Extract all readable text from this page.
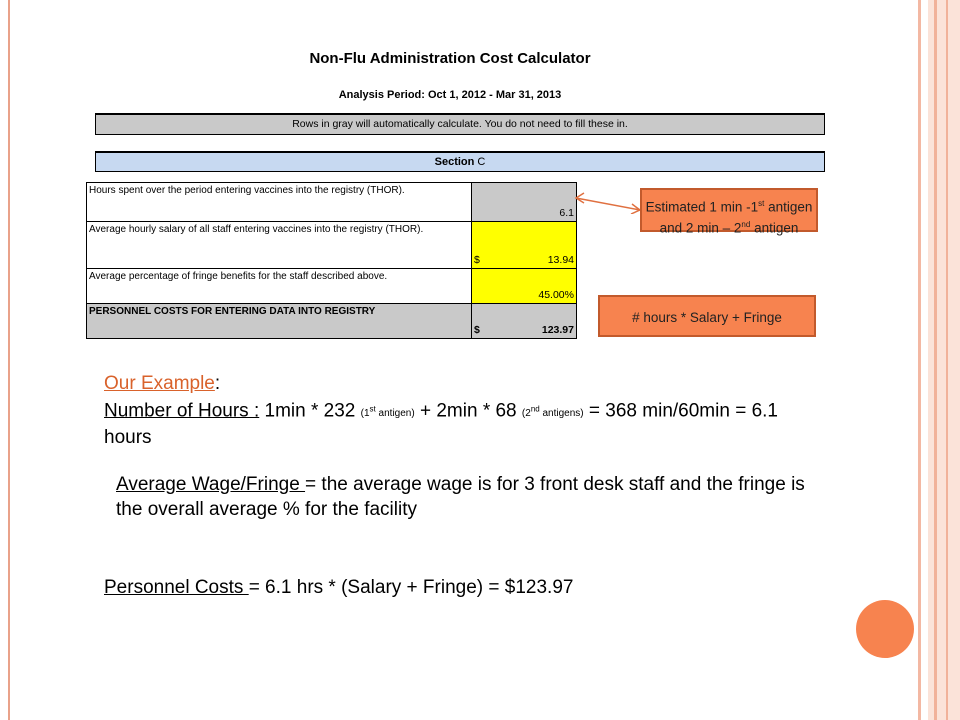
Non-Flu Administration Cost Calculator
Analysis Period: Oct 1, 2012 - Mar 31, 2013
Rows in gray will automatically calculate. You do not need to fill these in.
Section C
Hours spent over the period entering vaccines into the registry (THOR).	6.1
Average hourly salary of all staff entering vaccines into the registry (THOR).	$ 13.94
Average percentage of fringe benefits for the staff described above.	45.00%
PERSONNEL COSTS FOR ENTERING DATA INTO REGISTRY	$ 123.97
Estimated 1 min -1st antigen and 2 min – 2nd antigen
# hours * Salary + Fringe
Our Example:
Number of Hours : 1min * 232 (1st antigen) + 2min * 68 (2nd antigens) = 368 min/60min = 6.1 hours
Average Wage/Fringe = the average wage is for 3 front desk staff and the fringe is the overall average % for the facility
Personnel Costs = 6.1 hrs * (Salary + Fringe) = $123.97
